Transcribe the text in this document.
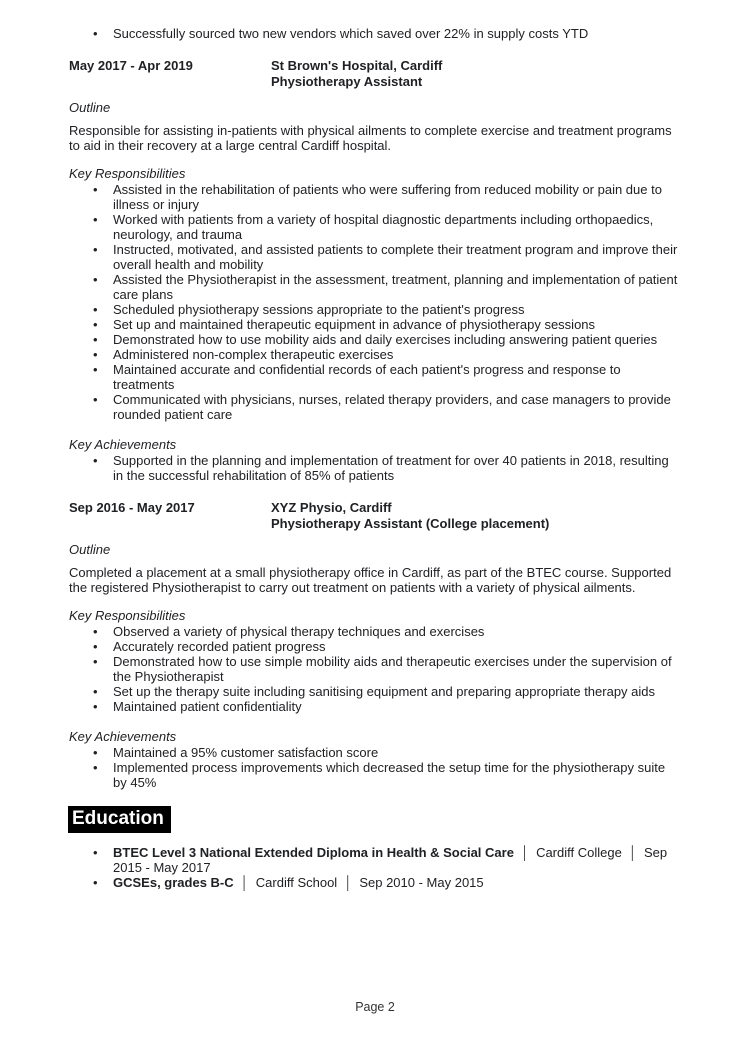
• Successfully sourced two new vendors which saved over 22% in supply costs YTD
May 2017 - Apr 2019	St Brown's Hospital, Cardiff
Physiotherapy Assistant
Outline

Responsible for assisting in-patients with physical ailments to complete exercise and treatment programs to aid in their recovery at a large central Cardiff hospital.

Key Responsibilities
• Assisted in the rehabilitation of patients who were suffering from reduced mobility or pain due to illness or injury
• Worked with patients from a variety of hospital diagnostic departments including orthopaedics, neurology, and trauma
• Instructed, motivated, and assisted patients to complete their treatment program and improve their overall health and mobility
• Assisted the Physiotherapist in the assessment, treatment, planning and implementation of patient care plans
• Scheduled physiotherapy sessions appropriate to the patient's progress
• Set up and maintained therapeutic equipment in advance of physiotherapy sessions
• Demonstrated how to use mobility aids and daily exercises including answering patient queries
• Administered non-complex therapeutic exercises
• Maintained accurate and confidential records of each patient's progress and response to treatments
• Communicated with physicians, nurses, related therapy providers, and case managers to provide rounded patient care
Key Achievements
• Supported in the planning and implementation of treatment for over 40 patients in 2018, resulting in the successful rehabilitation of 85% of patients
Sep 2016 - May 2017	XYZ Physio, Cardiff
Physiotherapy Assistant (College placement)
Outline

Completed a placement at a small physiotherapy office in Cardiff, as part of the BTEC course. Supported the registered Physiotherapist to carry out treatment on patients with a variety of physical ailments.

Key Responsibilities
• Observed a variety of physical therapy techniques and exercises
• Accurately recorded patient progress
• Demonstrated how to use simple mobility aids and therapeutic exercises under the supervision of the Physiotherapist
• Set up the therapy suite including sanitising equipment and preparing appropriate therapy aids
• Maintained patient confidentiality
Key Achievements
• Maintained a 95% customer satisfaction score
• Implemented process improvements which decreased the setup time for the physiotherapy suite by 45%
Education
• BTEC Level 3 National Extended Diploma in Health & Social Care │ Cardiff College │ Sep 2015 - May 2017
• GCSEs, grades B-C │ Cardiff School │ Sep 2010 - May 2015
Page 2
